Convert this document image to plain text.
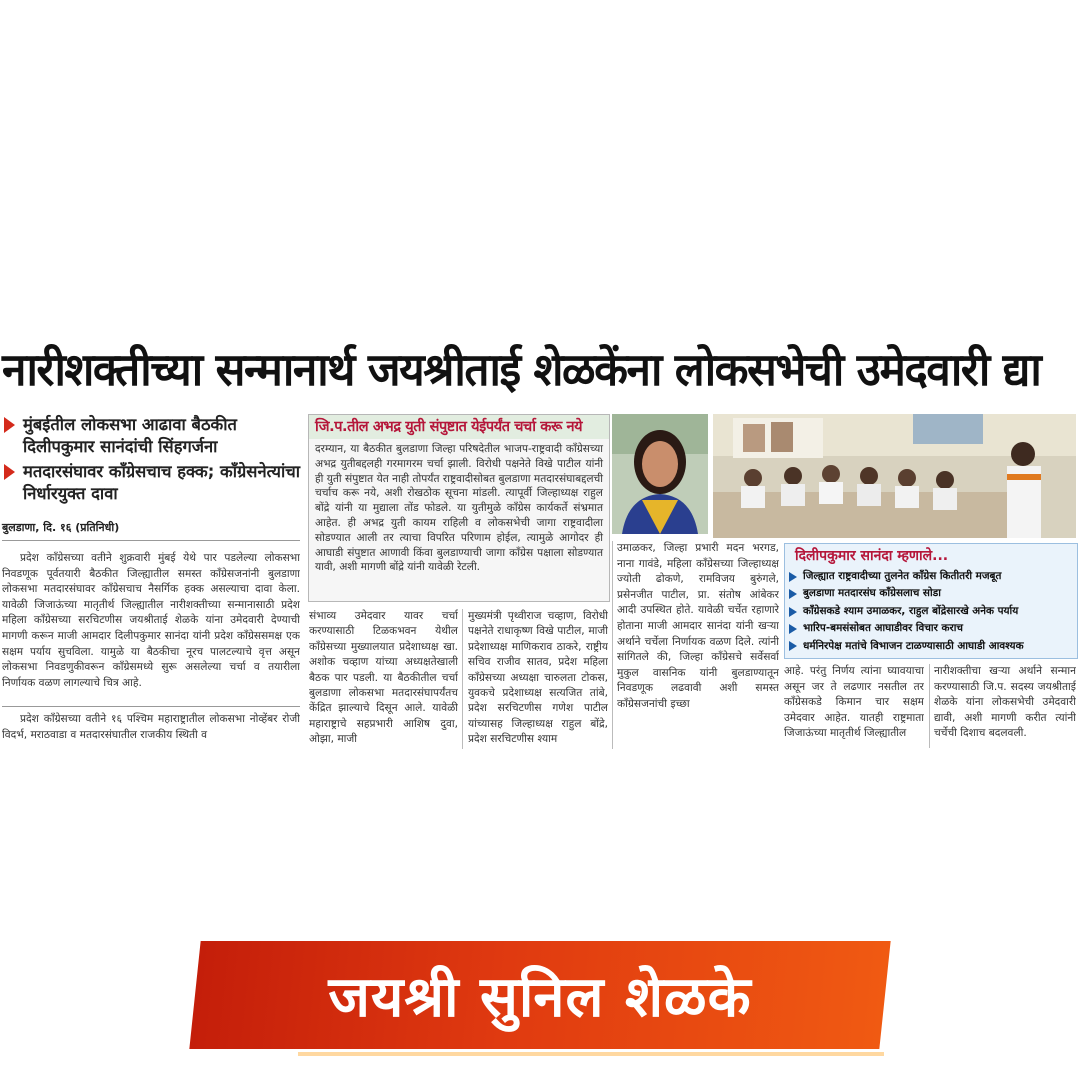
नारीशक्तीच्या सन्मानार्थ जयश्रीताई शेळकेंना लोकसभेची उमेदवारी द्या
मुंबईतील लोकसभा आढावा बैठकीत दिलीपकुमार सानंदांची सिंहगर्जना
मतदारसंघावर कॉंग्रेसचाच हक्क; कॉंग्रेसनेत्यांचा निर्धारयुक्त दावा
बुलडाणा, दि. १६ (प्रतिनिधी)

प्रदेश कॉंग्रेसच्या वतीने शुक्रवारी मुंबई येथे पार पडलेल्या लोकसभा निवडणूक पूर्वतयारी बैठकीत जिल्ह्यातील समस्त कॉंग्रेसजनांनी बुलडाणा लोकसभा मतदारसंघावर कॉंग्रेसचाच नैसर्गिक हक्क असल्याचा दावा केला. यावेळी जिजाऊंच्या मातृतीर्थ जिल्ह्यातील नारीशक्तीच्या सन्मानासाठी प्रदेश महिला कॉंग्रेसच्या सरचिटणीस जयश्रीताई शेळके यांना उमेदवारी देण्याची मागणी करून माजी आमदार दिलीपकुमार सानंदा यांनी प्रदेश कॉंग्रेससमक्ष एक सक्षम पर्याय सुचविला. यामुळे या बैठकीचा नूरच पालटल्याचे वृत्त असून लोकसभा निवडणुकीवरून कॉंग्रेसमध्ये सुरू असलेल्या चर्चा व तयारीला निर्णायक वळण लागल्याचे चित्र आहे.

प्रदेश कॉंग्रेसच्या वतीने १६ पश्चिम महाराष्ट्रातील लोकसभा नोव्हेंबर रोजी विदर्भ, मराठवाडा व मतदारसंघातील राजकीय स्थिती व

जि.प.तील अभद्र युती संपुष्टात येईपर्यंत चर्चा करू नये
दरम्यान, या बैठकीत बुलडाणा जिल्हा परिषदेतील भाजप-राष्ट्रवादी कॉंग्रेसच्या अभद्र युतीबद्दलही गरमागरम चर्चा झाली. विरोधी पक्षनेते विखे पाटील यांनी ही युती संपुष्टात येत नाही तोपर्यंत राष्ट्रवादीसोबत बुलडाणा मतदारसंघाबद्दलची चर्चाच करू नये, अशी रोखठोक सूचना मांडली. त्यापूर्वी जिल्हाध्यक्ष राहुल बोंद्रे यांनी या मुद्याला तोंड फोडले. या युतीमुळे कॉंग्रेस कार्यकर्ते संभ्रमात आहेत. ही अभद्र युती कायम राहिली व लोकसभेची जागा राष्ट्रवादीला सोडण्यात आली तर त्याचा विपरित परिणाम होईल, त्यामुळे आगोदर ही आघाडी संपुष्टात आणावी किंवा बुलडाण्याची जागा कॉंग्रेस पक्षाला सोडण्यात यावी, अशी मागणी बोंद्रे यांनी यावेळी रेटली.
संभाव्य उमेदवार यावर चर्चा करण्यासाठी टिळकभवन येथील कॉंग्रेसच्या मुख्यालयात प्रदेशाध्यक्ष खा. अशोक चव्हाण यांच्या अध्यक्षतेखाली बैठक पार पडली. या बैठकीतील चर्चा बुलडाणा लोकसभा मतदारसंघापर्यंतच केंद्रित झाल्याचे दिसून आले. यावेळी महाराष्ट्राचे सहप्रभारी आशिष दुवा, ओझा, माजी
मुख्यमंत्री पृथ्वीराज चव्हाण, विरोधी पक्षनेते राधाकृष्ण विखे पाटील, माजी प्रदेशाध्यक्ष माणिकराव ठाकरे, राष्ट्रीय सचिव राजीव सातव, प्रदेश महिला कॉंग्रेसच्या अध्यक्षा चारुलता टोकस, युवकचे प्रदेशाध्यक्ष सत्यजित तांबे, प्रदेश सरचिटणीस गणेश पाटील यांच्यासह जिल्हाध्यक्ष राहुल बोंद्रे, प्रदेश सरचिटणीस श्याम
उमाळकर, जिल्हा प्रभारी मदन भरगड, नाना गावंडे, महिला कॉंग्रेसच्या जिल्हाध्यक्ष ज्योती ढोकणे, रामविजय बुरुंगले, प्रसेनजीत पाटील, प्रा. संतोष आंबेकर आदी उपस्थित होते. यावेळी चर्चेत रहाणारे होताना माजी आमदार सानंदा यांनी खऱ्या अर्थाने चर्चेला निर्णायक वळण दिले. त्यांनी सांगितले की, जिल्हा कॉंग्रेसचे सर्वेसर्वा मुकुल वासनिक यांनी बुलडाण्यातून निवडणूक लढवावी अशी समस्त कॉंग्रेसजनांची इच्छा
दिलीपकुमार सानंदा म्हणाले...
जिल्ह्यात राष्ट्रवादीच्या तुलनेत कॉंग्रेस कितीतरी मजबूत
बुलडाणा मतदारसंघ कॉंग्रेसलाच सोडा
कॉंग्रेसकडे श्याम उमाळकर, राहुल बोंद्रेसारखे अनेक पर्याय
भारिप-बमसंसोबत आघाडीवर विचार कराच
धर्मनिरपेक्ष मतांचे विभाजन टाळण्यासाठी आघाडी आवश्यक
आहे. परंतु निर्णय त्यांना घ्यावयाचा असून जर ते लढणार नसतील तर कॉंग्रेसकडे किमान चार सक्षम उमेदवार आहेत. यातही राष्ट्रमाता जिजाऊंच्या मातृतीर्थ जिल्ह्यातील
नारीशक्तीचा खऱ्या अर्थाने सन्मान करण्यासाठी जि.प. सदस्य जयश्रीताई शेळके यांना लोकसभेची उमेदवारी द्यावी, अशी मागणी करीत त्यांनी चर्चेची दिशाच बदलवली.
जयश्री सुनिल शेळके
